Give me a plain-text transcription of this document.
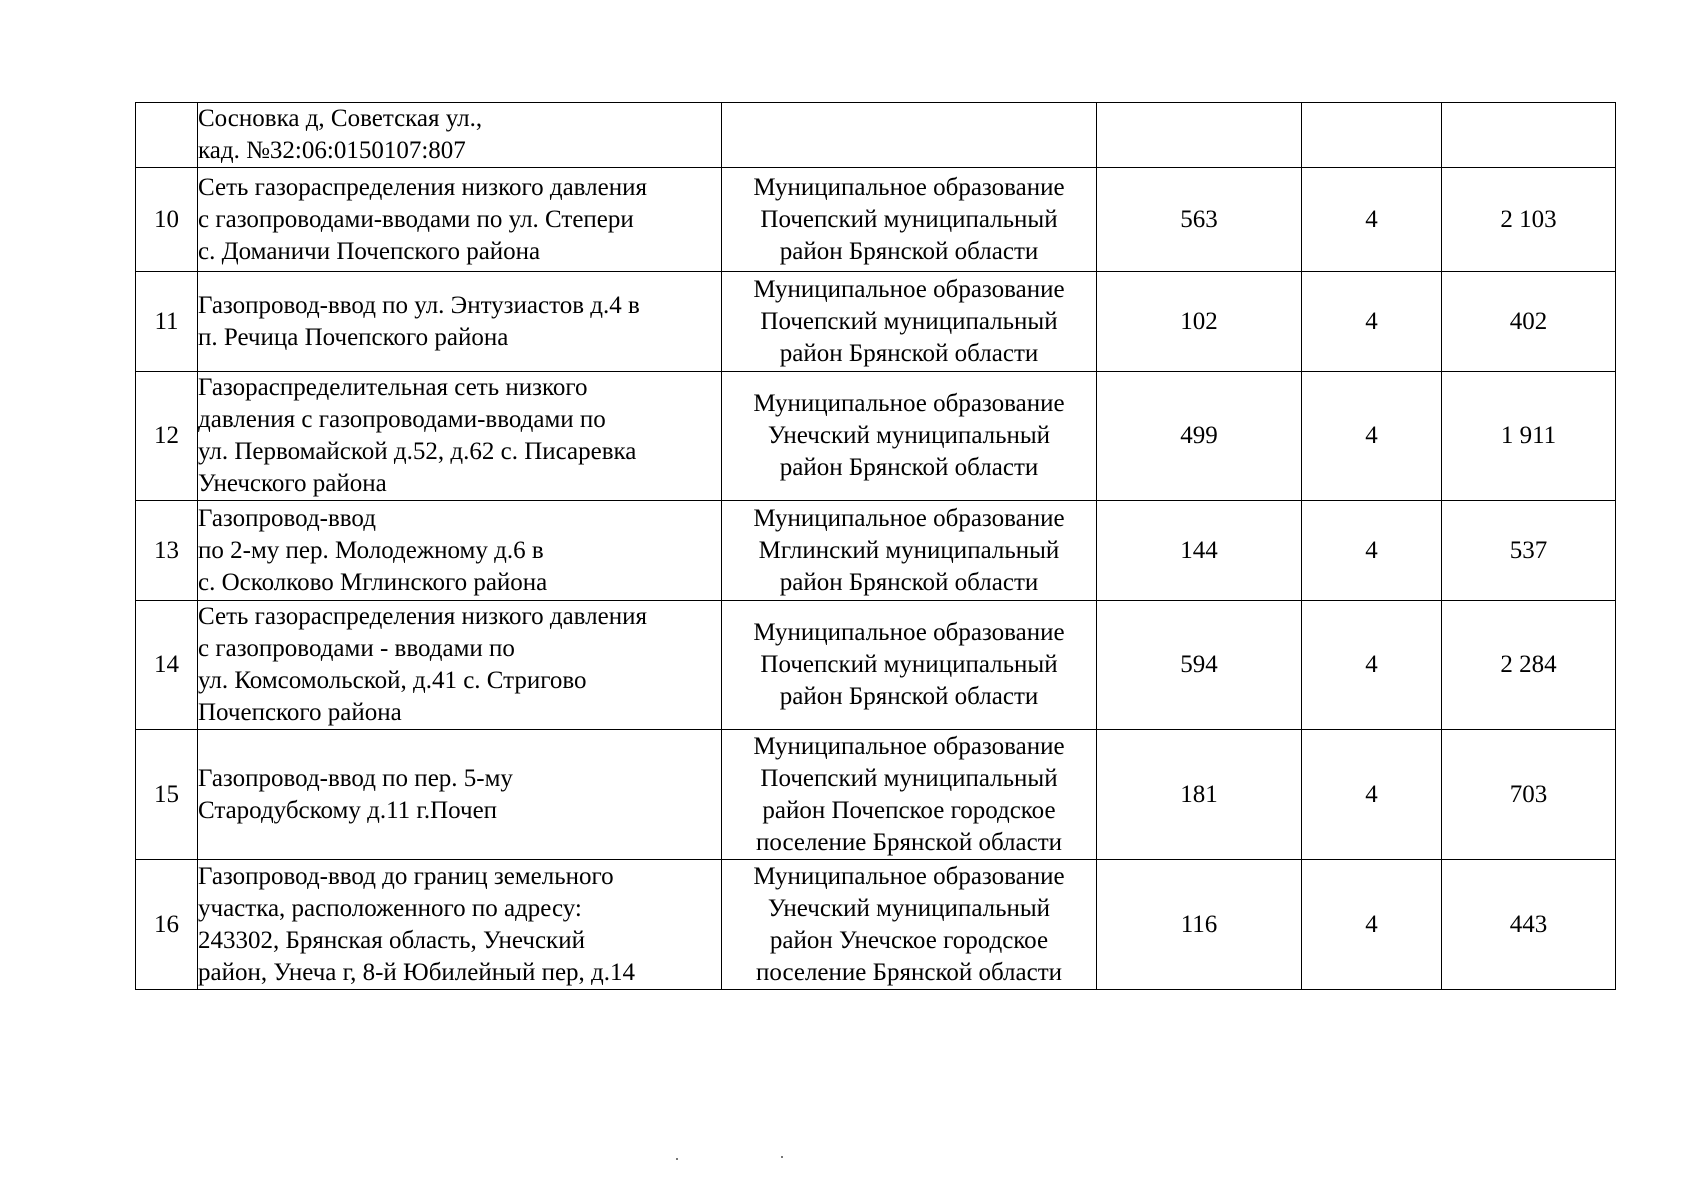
	Сосновка д, Советская ул.,
кад. №32:06:0150107:807				

10	Сеть газораспределения низкого давления
с газопроводами-вводами по ул. Степери
с. Доманичи Почепского района	Муниципальное образование
Почепский муниципальный
район Брянской области	563	4	2 103
11	Газопровод-ввод по ул. Энтузиастов д.4 в
п. Речица Почепского района	Муниципальное образование
Почепский муниципальный
район Брянской области	102	4	402
12	Газораспределительная сеть низкого
давления с газопроводами-вводами по
ул. Первомайской д.52, д.62 с. Писаревка
Унечского района	Муниципальное образование
Унечский муниципальный
район Брянской области	499	4	1 911
13	Газопровод-ввод
по 2-му пер. Молодежному д.6 в
с. Осколково Мглинского района	Муниципальное образование
Мглинский муниципальный
район Брянской области	144	4	537
14	Сеть газораспределения низкого давления
с газопроводами - вводами по
ул. Комсомольской, д.41 с. Стригово
Почепского района	Муниципальное образование
Почепский муниципальный
район Брянской области	594	4	2 284
15	Газопровод-ввод по пер. 5-му
Стародубскому д.11 г.Почеп	Муниципальное образование
Почепский муниципальный
район Почепское городское
поселение Брянской области	181	4	703
16	Газопровод-ввод до границ земельного
участка, расположенного по адресу:
243302, Брянская область, Унечский
район, Унеча г, 8-й Юбилейный пер, д.14	Муниципальное образование
Унечский муниципальный
район Унечское городское
поселение Брянской области	116	4	443
